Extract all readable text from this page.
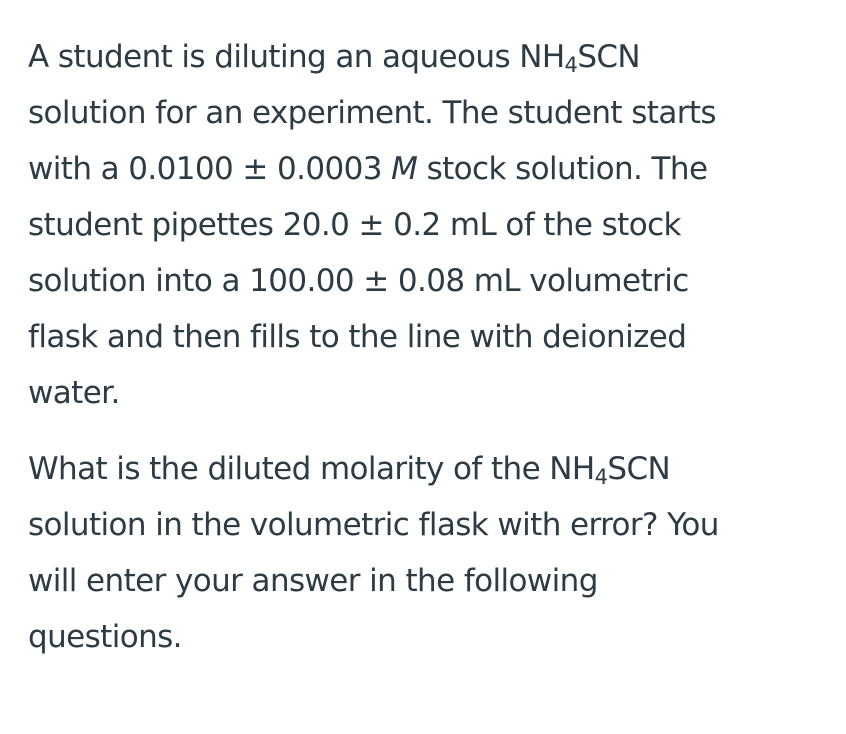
A student is diluting an aqueous $NH_4SCN$
solution for an experiment. The student starts
with a 0.0100 ± 0.0003 M stock solution. The
student pipettes 20.0 ± 0.2 mL of the stock
solution into a 100.00 ± 0.08 mL volumetric
flask and then fills to the line with deionized
water.

What is the diluted molarity of the $NH_4SCN$
solution in the volumetric flask with error? You
will enter your answer in the following
questions.
